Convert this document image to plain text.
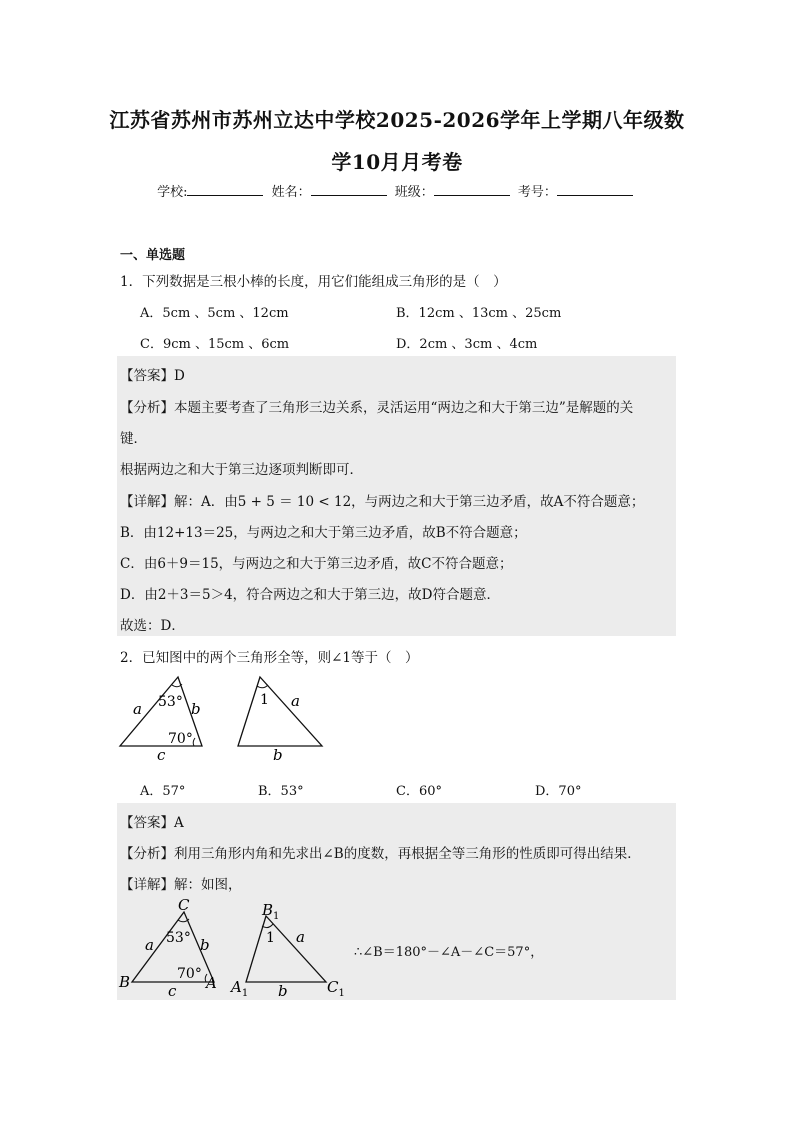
江苏省苏州市苏州立达中学校2025-2026学年上学期八年级数
学10月月考卷
学校:	姓名：	班级：	考号：
一、单选题
1．下列数据是三根小棒的长度，用它们能组成三角形的是（　）
A．5cm 、5cm 、12cm	B．12cm 、13cm 、25cm
C．9cm 、15cm 、6cm	D．2cm 、3cm 、4cm
【答案】D
【分析】本题主要考查了三角形三边关系，灵活运用“两边之和大于第三边”是解题的关
键．
根据两边之和大于第三边逐项判断即可．
【详解】解：A．由5 + 5 ＝ 10 < 12，与两边之和大于第三边矛盾，故A不符合题意；
B．由12+13＝25，与两边之和大于第三边矛盾，故B不符合题意；
C．由6＋9＝15，与两边之和大于第三边矛盾，故C不符合题意；
D．由2＋3＝5＞4，符合两边之和大于第三边，故D符合题意．
故选：D．
2．已知图中的两个三角形全等，则∠1等于（　）
53°
70°
a	b
c
1 a
b
A．57°	B．53°	C．60°	D．70°
【答案】A
【分析】利用三角形内角和先求出∠B的度数，再根据全等三角形的性质即可得出结果．
【详解】解：如图，
C
B	A
53°
70°
a	b
c
$B_1$
$A_1$	$C_1$
1 a
b
∴∠B＝180°－∠A－∠C＝57°，
